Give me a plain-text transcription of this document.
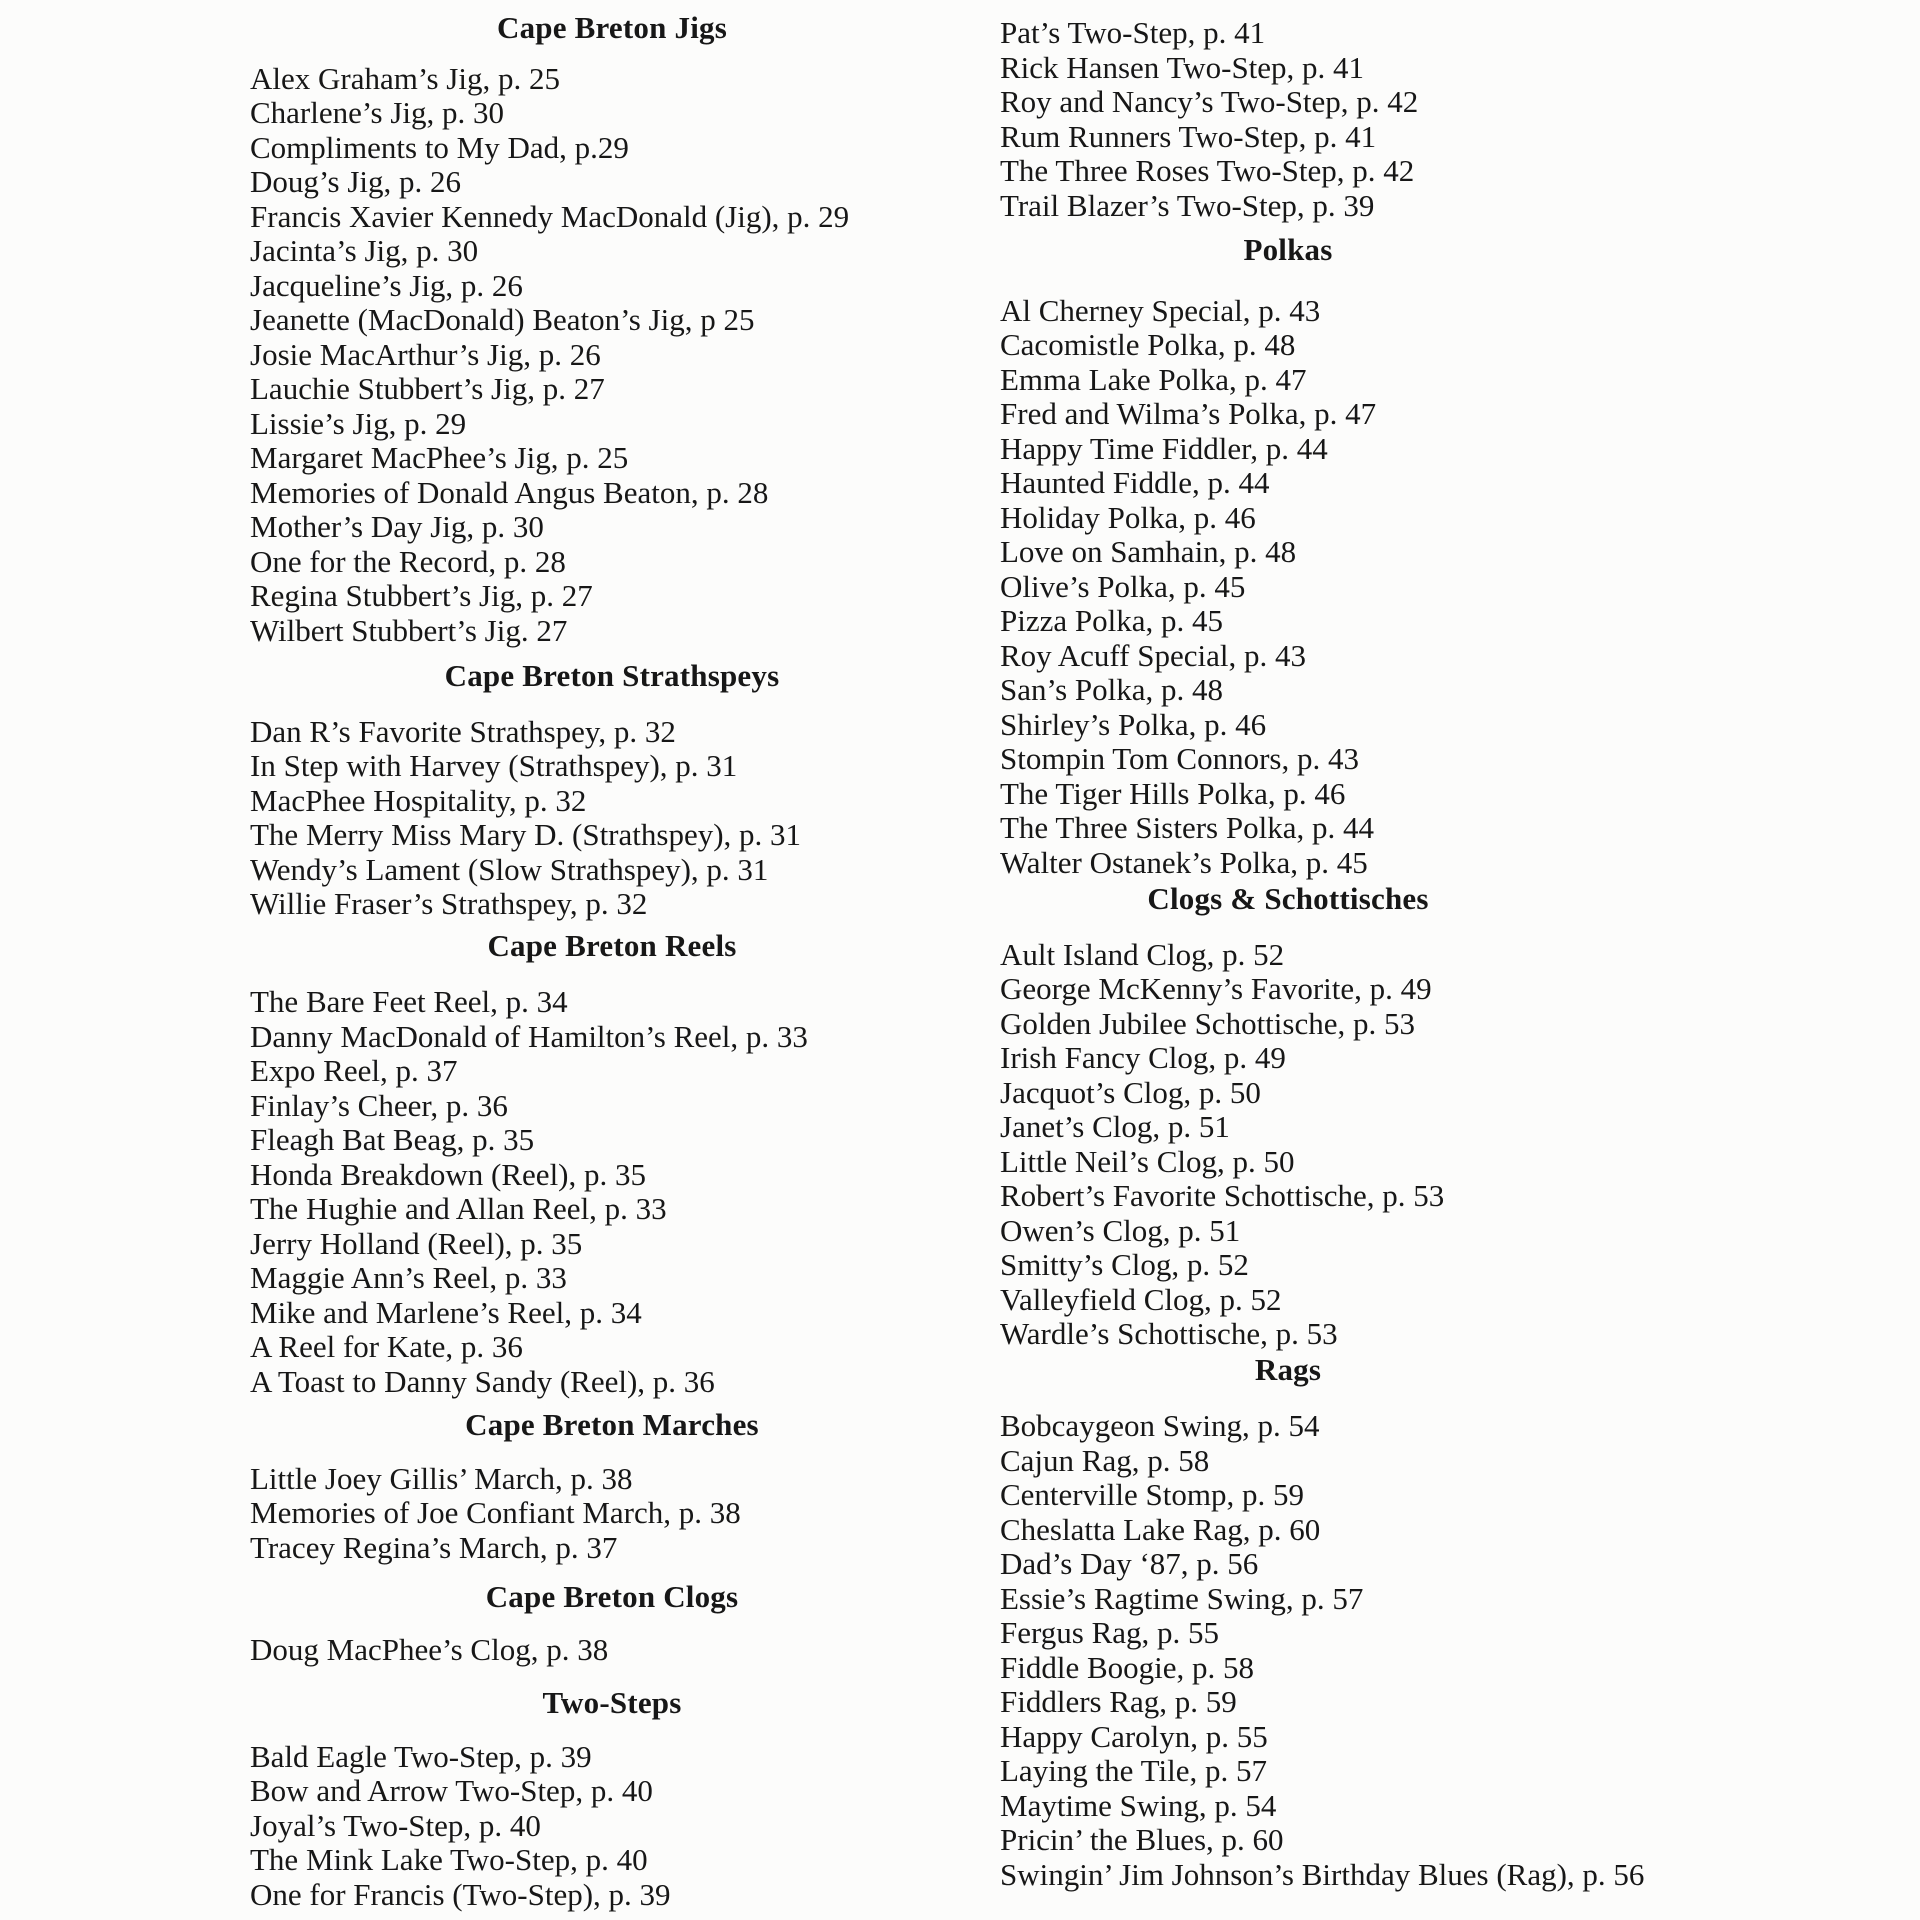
Cape Breton Jigs
Alex Graham’s Jig, p. 25
Charlene’s Jig, p. 30
Compliments to My Dad, p.29
Doug’s Jig, p. 26
Francis Xavier Kennedy MacDonald (Jig), p. 29
Jacinta’s Jig, p. 30
Jacqueline’s Jig, p. 26
Jeanette (MacDonald) Beaton’s Jig, p 25
Josie MacArthur’s Jig, p. 26
Lauchie Stubbert’s Jig, p. 27
Lissie’s Jig, p. 29
Margaret MacPhee’s Jig, p. 25
Memories of Donald Angus Beaton, p. 28
Mother’s Day Jig, p. 30
One for the Record, p. 28
Regina Stubbert’s Jig, p. 27
Wilbert Stubbert’s Jig. 27
Cape Breton Strathspeys
Dan R’s Favorite Strathspey, p. 32
In Step with Harvey (Strathspey), p. 31
MacPhee Hospitality, p. 32
The Merry Miss Mary D. (Strathspey), p. 31
Wendy’s Lament (Slow Strathspey), p. 31
Willie Fraser’s Strathspey, p. 32
Cape Breton Reels
The Bare Feet Reel, p. 34
Danny MacDonald of Hamilton’s Reel, p. 33
Expo Reel, p. 37
Finlay’s Cheer, p. 36
Fleagh Bat Beag, p. 35
Honda Breakdown (Reel), p. 35
The Hughie and Allan Reel, p. 33
Jerry Holland (Reel), p. 35
Maggie Ann’s Reel, p. 33
Mike and Marlene’s Reel, p. 34
A Reel for Kate, p. 36
A Toast to Danny Sandy (Reel), p. 36
Cape Breton Marches
Little Joey Gillis’ March, p. 38
Memories of Joe Confiant March, p. 38
Tracey Regina’s March, p. 37
Cape Breton Clogs
Doug MacPhee’s Clog, p. 38
Two-Steps
Bald Eagle Two-Step, p. 39
Bow and Arrow Two-Step, p. 40
Joyal’s Two-Step, p. 40
The Mink Lake Two-Step, p. 40
One for Francis (Two-Step), p. 39
Pat’s Two-Step, p. 41
Rick Hansen Two-Step, p. 41
Roy and Nancy’s Two-Step, p. 42
Rum Runners Two-Step, p. 41
The Three Roses Two-Step, p. 42
Trail Blazer’s Two-Step, p. 39
Polkas
Al Cherney Special, p. 43
Cacomistle Polka, p. 48
Emma Lake Polka, p. 47
Fred and Wilma’s Polka, p. 47
Happy Time Fiddler, p. 44
Haunted Fiddle, p. 44
Holiday Polka, p. 46
Love on Samhain, p. 48
Olive’s Polka, p. 45
Pizza Polka, p. 45
Roy Acuff Special, p. 43
San’s Polka, p. 48
Shirley’s Polka, p. 46
Stompin Tom Connors, p. 43
The Tiger Hills Polka, p. 46
The Three Sisters Polka, p. 44
Walter Ostanek’s Polka, p. 45
Clogs & Schottisches
Ault Island Clog, p. 52
George McKenny’s Favorite, p. 49
Golden Jubilee Schottische, p. 53
Irish Fancy Clog, p. 49
Jacquot’s Clog, p. 50
Janet’s Clog, p. 51
Little Neil’s Clog, p. 50
Robert’s Favorite Schottische, p. 53
Owen’s Clog, p. 51
Smitty’s Clog, p. 52
Valleyfield Clog, p. 52
Wardle’s Schottische, p. 53
Rags
Bobcaygeon Swing, p. 54
Cajun Rag, p. 58
Centerville Stomp, p. 59
Cheslatta Lake Rag, p. 60
Dad’s Day ‘87, p. 56
Essie’s Ragtime Swing, p. 57
Fergus Rag, p. 55
Fiddle Boogie, p. 58
Fiddlers Rag, p. 59
Happy Carolyn, p. 55
Laying the Tile, p. 57
Maytime Swing, p. 54
Pricin’ the Blues, p. 60
Swingin’ Jim Johnson’s Birthday Blues (Rag), p. 56
